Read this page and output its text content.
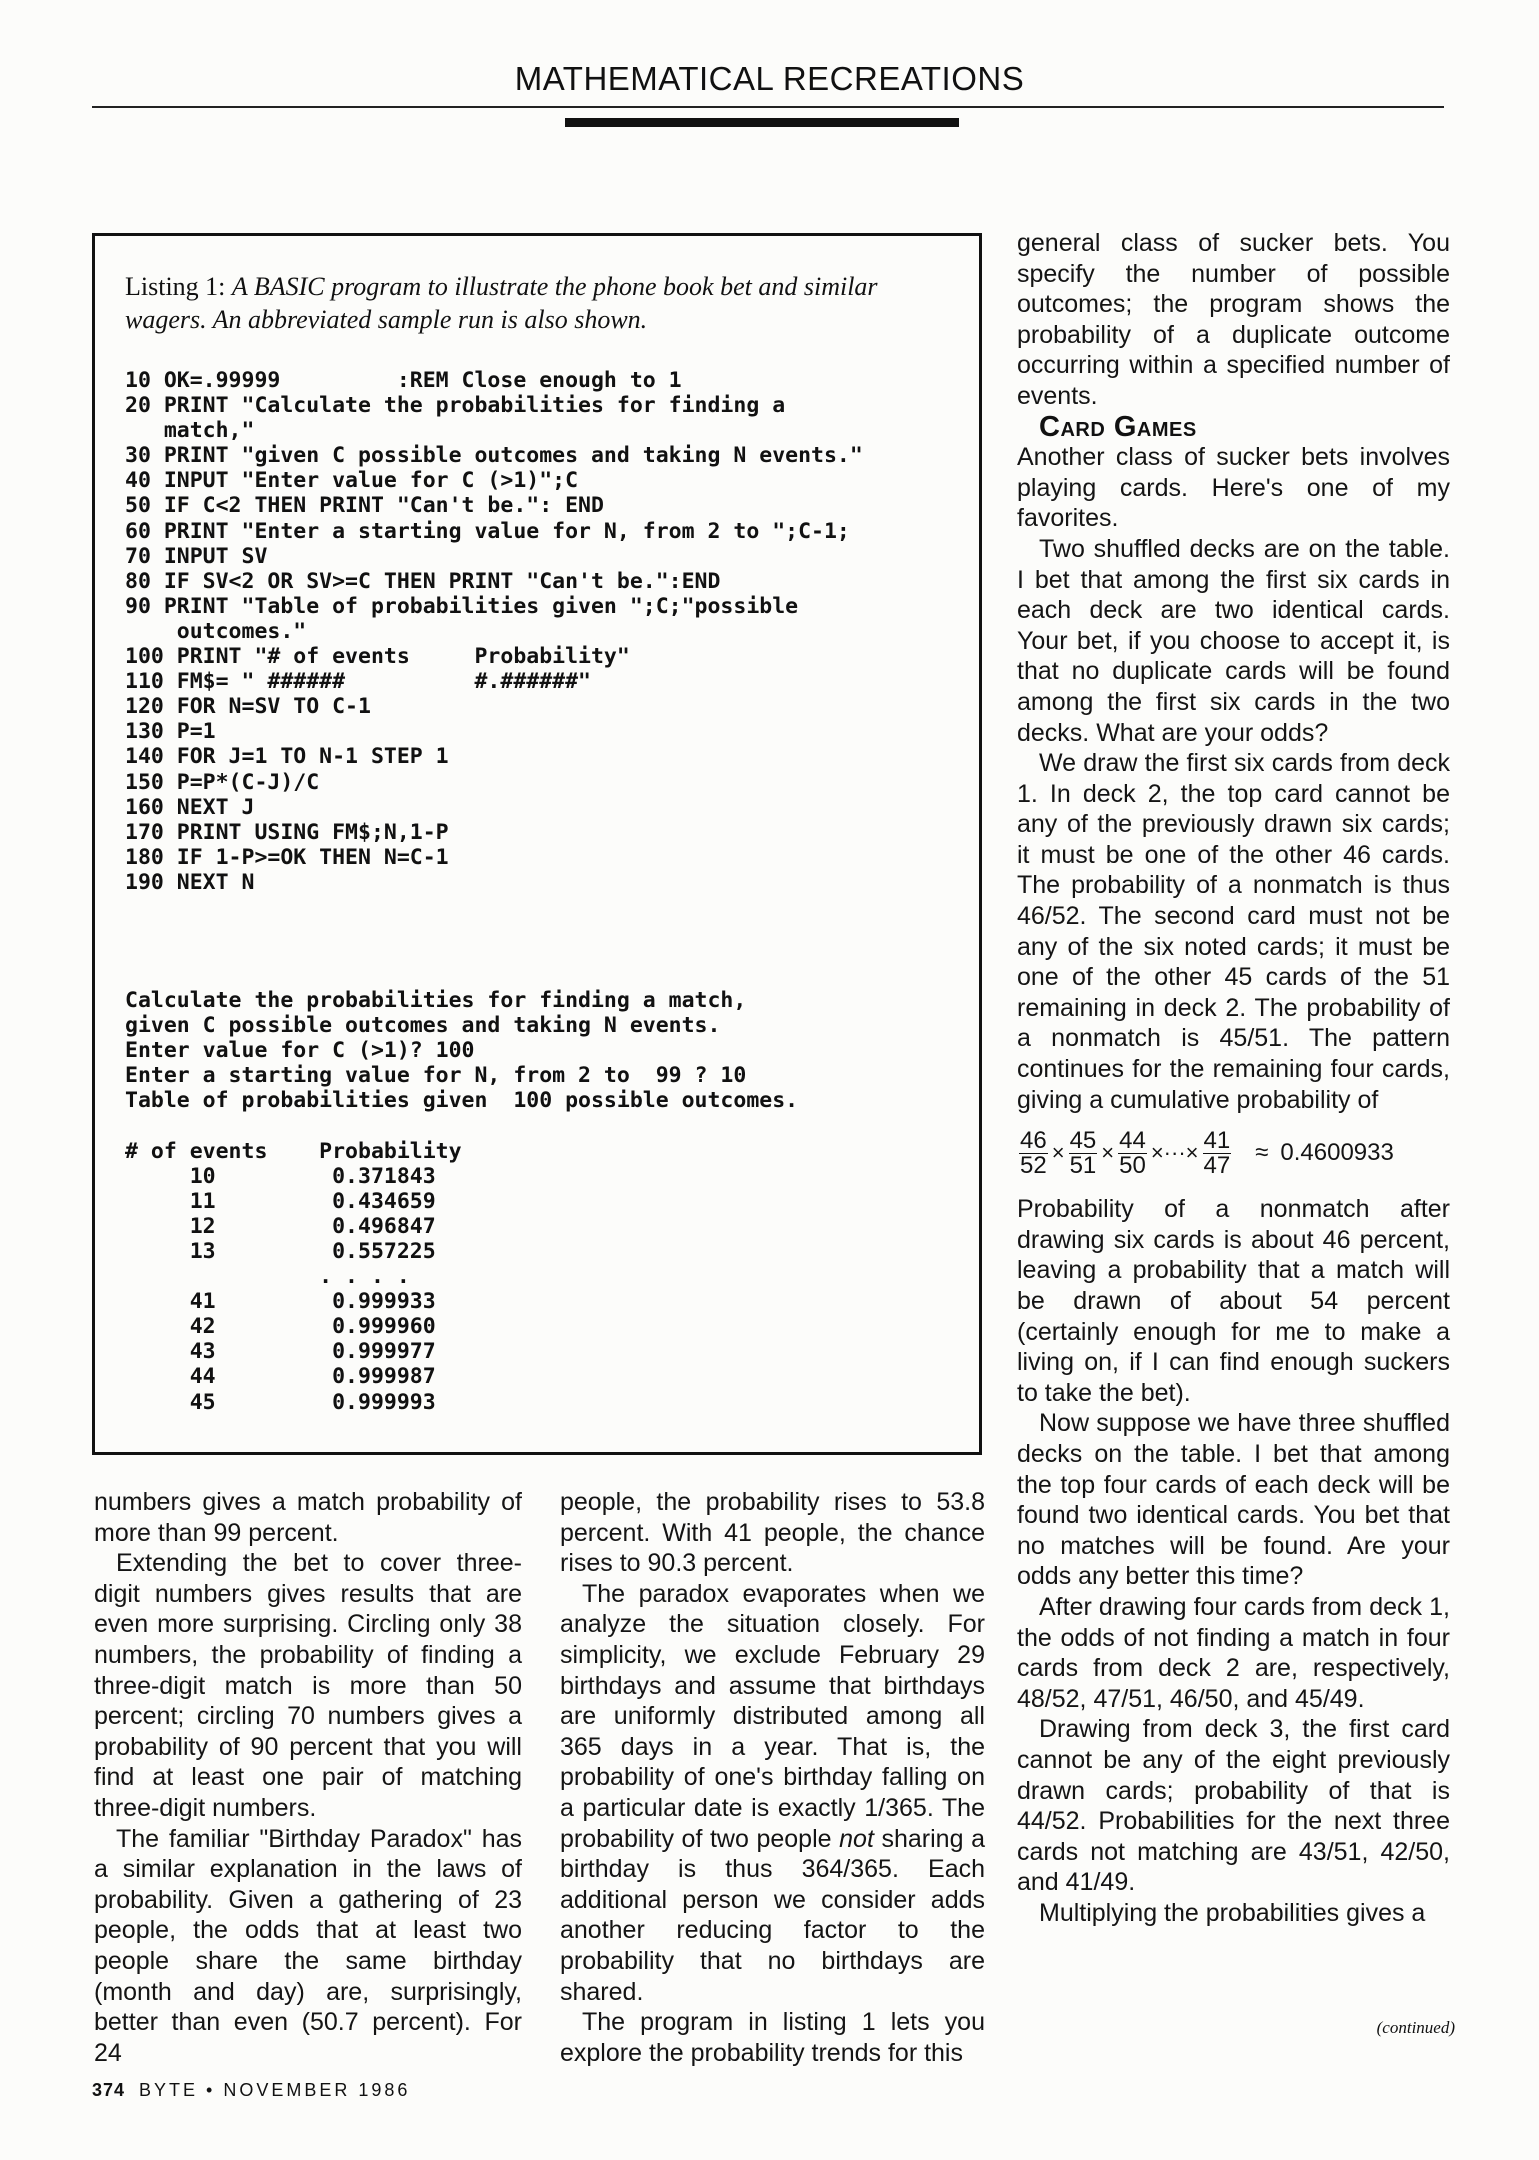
MATHEMATICAL RECREATIONS
Listing 1: A BASIC program to illustrate the phone book bet and similar wagers. An abbreviated sample run is also shown.
10 OK=.99999         :REM Close enough to 1
20 PRINT "Calculate the probabilities for finding a
match,"
30 PRINT "given C possible outcomes and taking N events."
40 INPUT "Enter value for C (>1)";C
50 IF C<2 THEN PRINT "Can't be.": END
60 PRINT "Enter a starting value for N, from 2 to ";C-1;
70 INPUT SV
80 IF SV<2 OR SV>=C THEN PRINT "Can't be.":END
90 PRINT "Table of probabilities given ";C;"possible
outcomes."
100 PRINT "# of events     Probability"
110 FM$= " ######          #.######"
120 FOR N=SV TO C-1
130 P=1
140 FOR J=1 TO N-1 STEP 1
150 P=P*(C-J)/C
160 NEXT J
170 PRINT USING FM$;N,1-P
180 IF 1-P>=OK THEN N=C-1
190 NEXT N
Calculate the probabilities for finding a match,
given C possible outcomes and taking N events.
Enter value for C (>1)? 100
Enter a starting value for N, from 2 to  99 ? 10
Table of probabilities given  100 possible outcomes.

# of events    Probability
10         0.371843
11         0.434659
12         0.496847
13         0.557225
. . . .
41         0.999933
42         0.999960
43         0.999977
44         0.999987
45         0.999993

numbers gives a match probability of more than 99 percent.

Extending the bet to cover three-digit numbers gives results that are even more surprising. Circling only 38 numbers, the probability of finding a three-digit match is more than 50 percent; circling 70 numbers gives a probability of 90 percent that you will find at least one pair of matching three-digit numbers.

The familiar "Birthday Paradox" has a similar explanation in the laws of probability. Given a gathering of 23 people, the odds that at least two people share the same birthday (month and day) are, surprisingly, better than even (50.7 percent). For 24

people, the probability rises to 53.8 percent. With 41 people, the chance rises to 90.3 percent.

The paradox evaporates when we analyze the situation closely. For simplicity, we exclude February 29 birthdays and assume that birthdays are uniformly distributed among all 365 days in a year. That is, the probability of one's birthday falling on a particular date is exactly 1/365. The probability of two people not sharing a birthday is thus 364/365. Each additional person we consider adds another reducing factor to the probability that no birthdays are shared.

The program in listing 1 lets you explore the probability trends for this

general class of sucker bets. You specify the number of possible outcomes; the program shows the probability of a duplicate outcome occurring within a specified number of events.

Card Games

Another class of sucker bets involves playing cards. Here's one of my favorites.

Two shuffled decks are on the table. I bet that among the first six cards in each deck are two identical cards. Your bet, if you choose to accept it, is that no duplicate cards will be found among the first six cards in the two decks. What are your odds?

We draw the first six cards from deck 1. In deck 2, the top card cannot be any of the previously drawn six cards; it must be one of the other 46 cards. The probability of a nonmatch is thus 46/52. The second card must not be any of the six noted cards; it must be one of the other 45 cards of the 51 remaining in deck 2. The probability of a nonmatch is 45/51. The pattern continues for the remaining four cards, giving a cumulative probability of

$\frac{46}{52} \times \frac{45}{51} \times \frac{44}{50}$ ×···× $\frac{41}{47} \approx 0.4600933$

Probability of a nonmatch after drawing six cards is about 46 percent, leaving a probability that a match will be drawn of about 54 percent (certainly enough for me to make a living on, if I can find enough suckers to take the bet).

Now suppose we have three shuffled decks on the table. I bet that among the top four cards of each deck will be found two identical cards. You bet that no matches will be found. Are your odds any better this time?

After drawing four cards from deck 1, the odds of not finding a match in four cards from deck 2 are, respectively, 48/52, 47/51, 46/50, and 45/49.

Drawing from deck 3, the first card cannot be any of the eight previously drawn cards; probability of that is 44/52. Probabilities for the next three cards not matching are 43/51, 42/50, and 41/49.

Multiplying the probabilities gives a

(continued)
374 BYTE • NOVEMBER 1986
